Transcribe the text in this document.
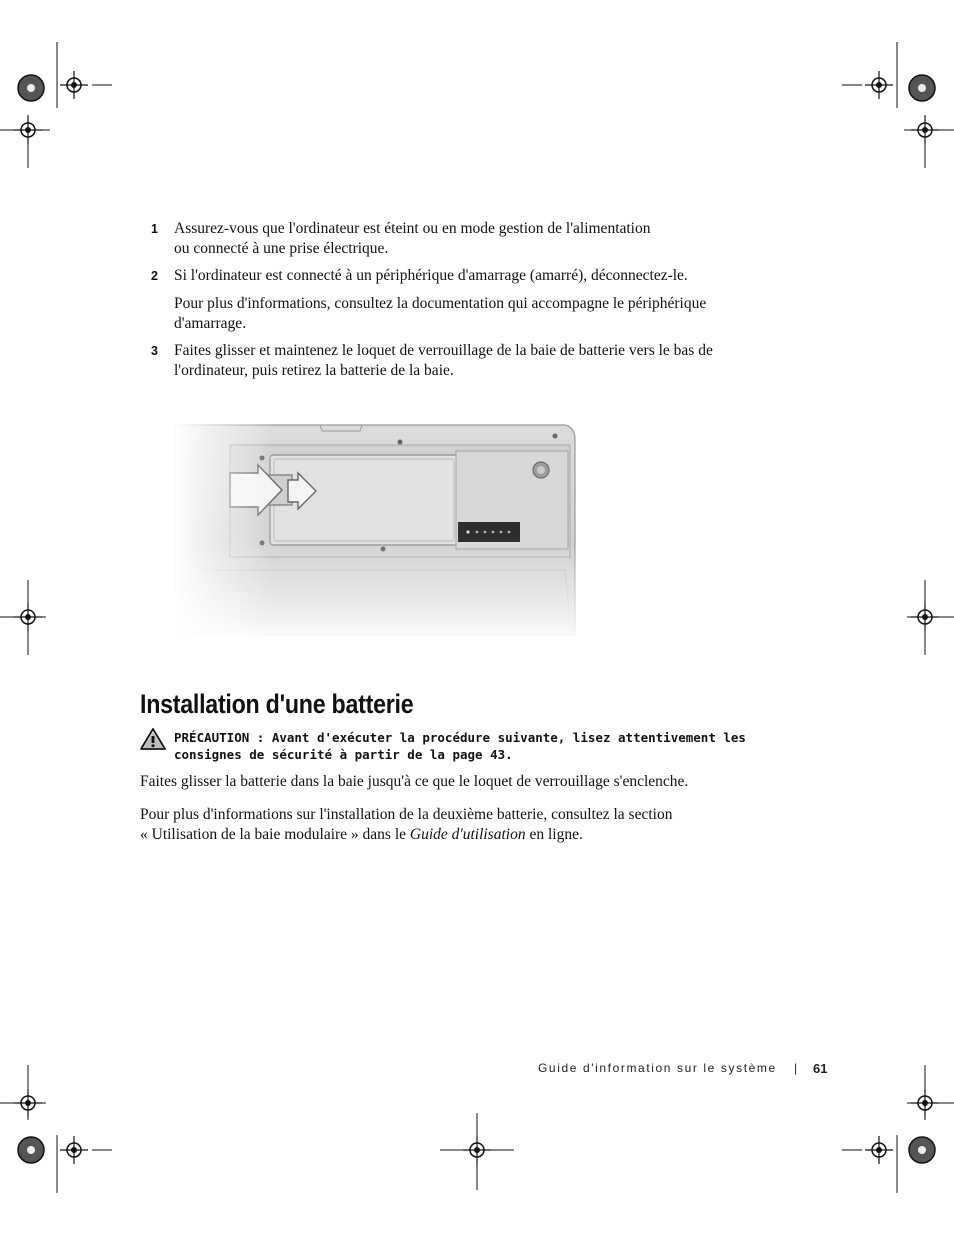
1 Assurez-vous que l'ordinateur est éteint ou en mode gestion de l'alimentation
ou connecté à une prise électrique.
2 Si l'ordinateur est connecté à un périphérique d'amarrage (amarré), déconnectez-le.
Pour plus d'informations, consultez la documentation qui accompagne le périphérique
d'amarrage.
3 Faites glisser et maintenez le loquet de verrouillage de la baie de batterie vers le bas de
l'ordinateur, puis retirez la batterie de la baie.
Installation d'une batterie
PRÉCAUTION : Avant d'exécuter la procédure suivante, lisez attentivement les
consignes de sécurité à partir de la page 43.
Faites glisser la batterie dans la baie jusqu'à ce que le loquet de verrouillage s'enclenche.
Pour plus d'informations sur l'installation de la deuxième batterie, consultez la section
« Utilisation de la baie modulaire » dans le Guide d'utilisation en ligne.
Guide d'information sur le système | 61
